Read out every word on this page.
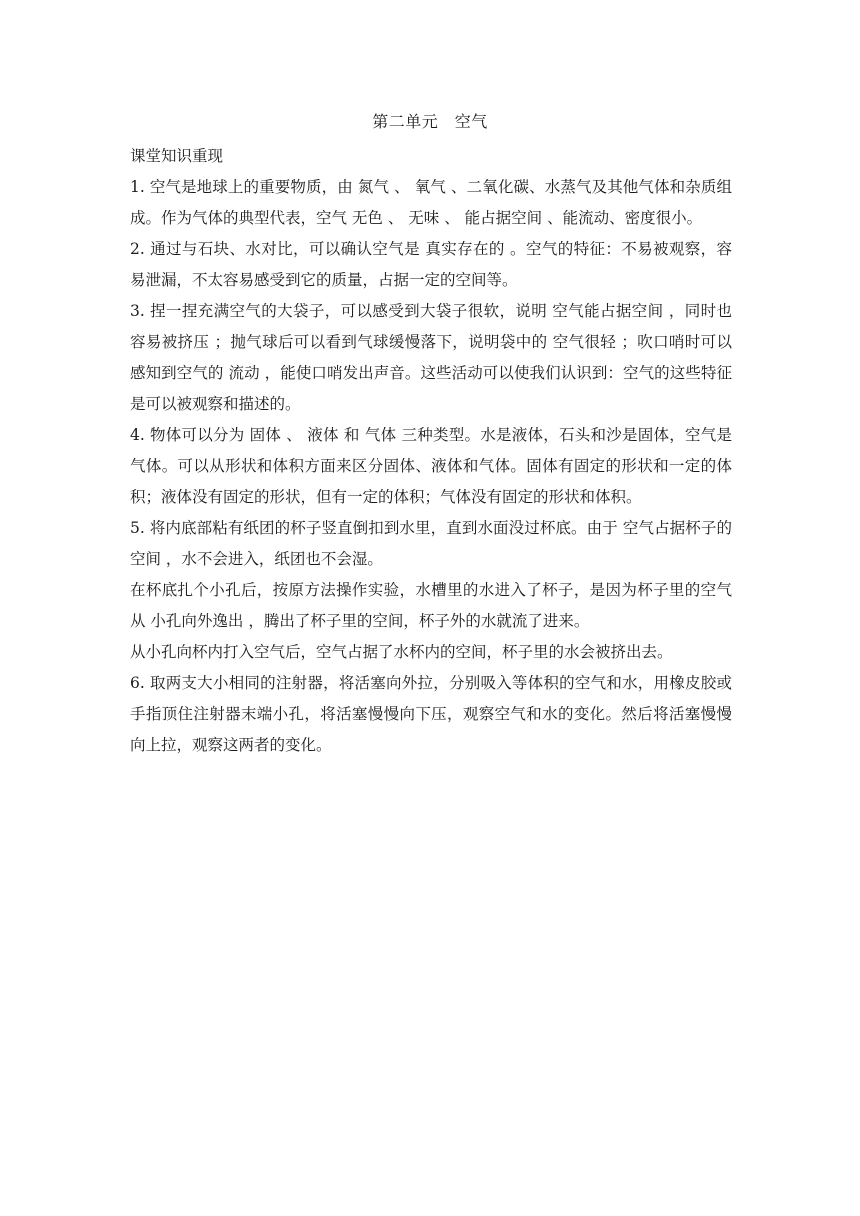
第二单元　空气

课堂知识重现

1. 空气是地球上的重要物质，由 氮气 、 氧气 、二氧化碳、水蒸气及其他气体和杂质组成。作为气体的典型代表，空气 无色 、 无味 、 能占据空间 、能流动、密度很小。

2. 通过与石块、水对比，可以确认空气是 真实存在的 。空气的特征：不易被观察，容易泄漏，不太容易感受到它的质量，占据一定的空间等。

3. 捏一捏充满空气的大袋子，可以感受到大袋子很软，说明 空气能占据空间 ，同时也 容易被挤压 ；抛气球后可以看到气球缓慢落下，说明袋中的 空气很轻 ；吹口哨时可以感知到空气的 流动 ，能使口哨发出声音。这些活动可以使我们认识到：空气的这些特征是可以被观察和描述的。

4. 物体可以分为 固体 、 液体 和 气体 三种类型。水是液体，石头和沙是固体，空气是气体。可以从形状和体积方面来区分固体、液体和气体。固体有固定的形状和一定的体积；液体没有固定的形状，但有一定的体积；气体没有固定的形状和体积。

5. 将内底部粘有纸团的杯子竖直倒扣到水里，直到水面没过杯底。由于 空气占据杯子的空间 ，水不会进入，纸团也不会湿。

在杯底扎个小孔后，按原方法操作实验，水槽里的水进入了杯子，是因为杯子里的空气从 小孔向外逸出 ，腾出了杯子里的空间，杯子外的水就流了进来。

从小孔向杯内打入空气后，空气占据了水杯内的空间，杯子里的水会被挤出去。

6. 取两支大小相同的注射器，将活塞向外拉，分别吸入等体积的空气和水，用橡皮胶或手指顶住注射器末端小孔，将活塞慢慢向下压，观察空气和水的变化。然后将活塞慢慢向上拉，观察这两者的变化。
